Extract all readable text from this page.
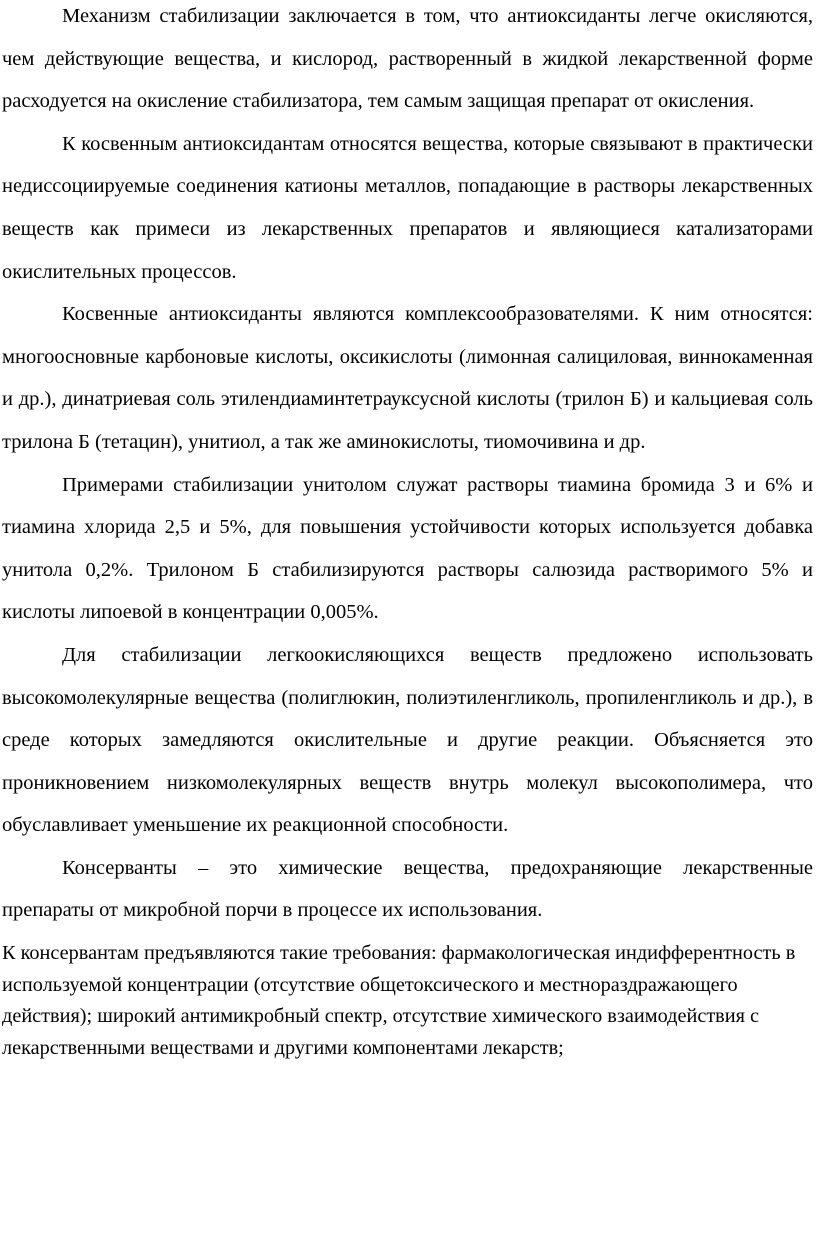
Механизм стабилизации заключается в том, что антиоксиданты легче окисляются, чем действующие вещества, и кислород, растворенный в жидкой лекарственной форме расходуется на окисление стабилизатора, тем самым защищая препарат от окисления.

К косвенным антиоксидантам относятся вещества, которые связывают в практически недиссоциируемые соединения катионы металлов, попадающие в растворы лекарственных веществ как примеси из лекарственных препаратов и являющиеся катализаторами окислительных процессов.

Косвенные антиоксиданты являются комплексообразователями. К ним относятся: многоосновные карбоновые кислоты, оксикислоты (лимонная салициловая, виннокаменная и др.), динатриевая соль этилендиаминтетрауксусной кислоты (трилон Б) и кальциевая соль трилона Б (тетацин), унитиол, а так же аминокислоты, тиомочивина и др.

Примерами стабилизации унитолом служат растворы тиамина бромида 3 и 6% и тиамина хлорида 2,5 и 5%, для повышения устойчивости которых используется добавка унитола 0,2%. Трилоном Б стабилизируются растворы салюзида растворимого 5% и кислоты липоевой в концентрации 0,005%.

Для стабилизации легкоокисляющихся веществ предложено использовать высокомолекулярные вещества (полиглюкин, полиэтиленгликоль, пропиленгликоль и др.), в среде которых замедляются окислительные и другие реакции. Объясняется это проникновением низкомолекулярных веществ внутрь молекул высокополимера, что обуславливает уменьшение их реакционной способности.

Консерванты – это химические вещества, предохраняющие лекарственные препараты от микробной порчи в процессе их использования.

К консервантам предъявляются такие требования: фармакологическая индифферентность в используемой концентрации (отсутствие общетоксического и местнораздражающего действия); широкий антимикробный спектр, отсутствие химического взаимодействия с лекарственными веществами и другими компонентами лекарств;
